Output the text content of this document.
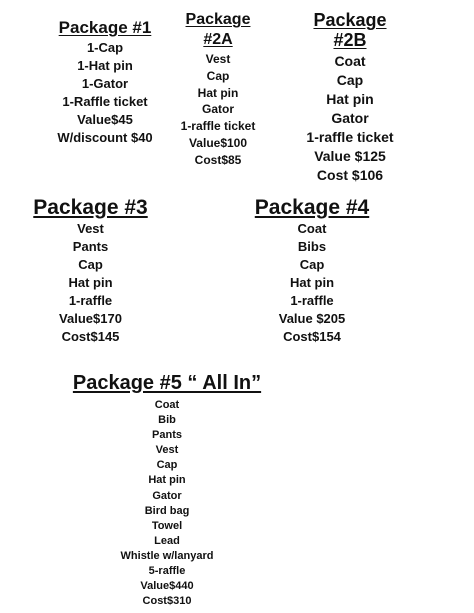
Package #1
1-Cap
1-Hat pin
1-Gator
1-Raffle ticket
Value$45
W/discount $40
Package
#2A
Vest
Cap
Hat pin
Gator
1-raffle ticket
Value$100
Cost$85
Package
#2B
Coat
Cap
Hat pin
Gator
1-raffle ticket
Value $125
Cost $106
Package #3
Vest
Pants
Cap
Hat pin
1-raffle
Value$170
Cost$145
Package #4
Coat
Bibs
Cap
Hat pin
1-raffle
Value $205
Cost$154
Package #5 “ All In”
Coat
Bib
Pants
Vest
Cap
Hat pin
Gator
Bird bag
Towel
Lead
Whistle w/lanyard
5-raffle
Value$440
Cost$310
